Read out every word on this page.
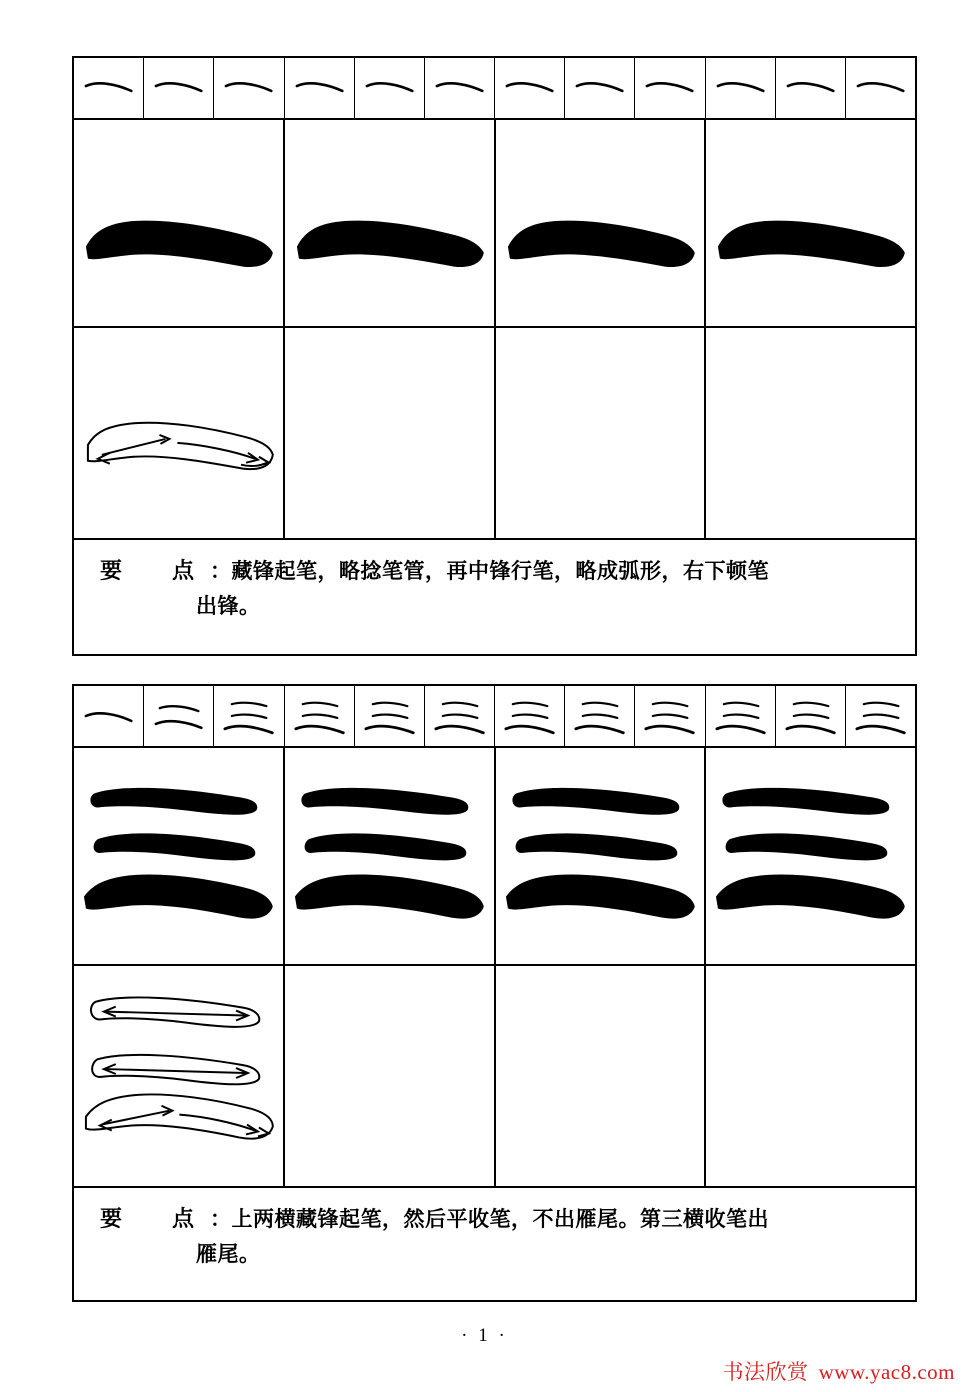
要　点：藏锋起笔，略捻笔管，再中锋行笔，略成弧形，右下顿笔
出锋。
要　点：上两横藏锋起笔，然后平收笔，不出雁尾。第三横收笔出
雁尾。
· 1 ·
书法欣赏 www.yac8.com
